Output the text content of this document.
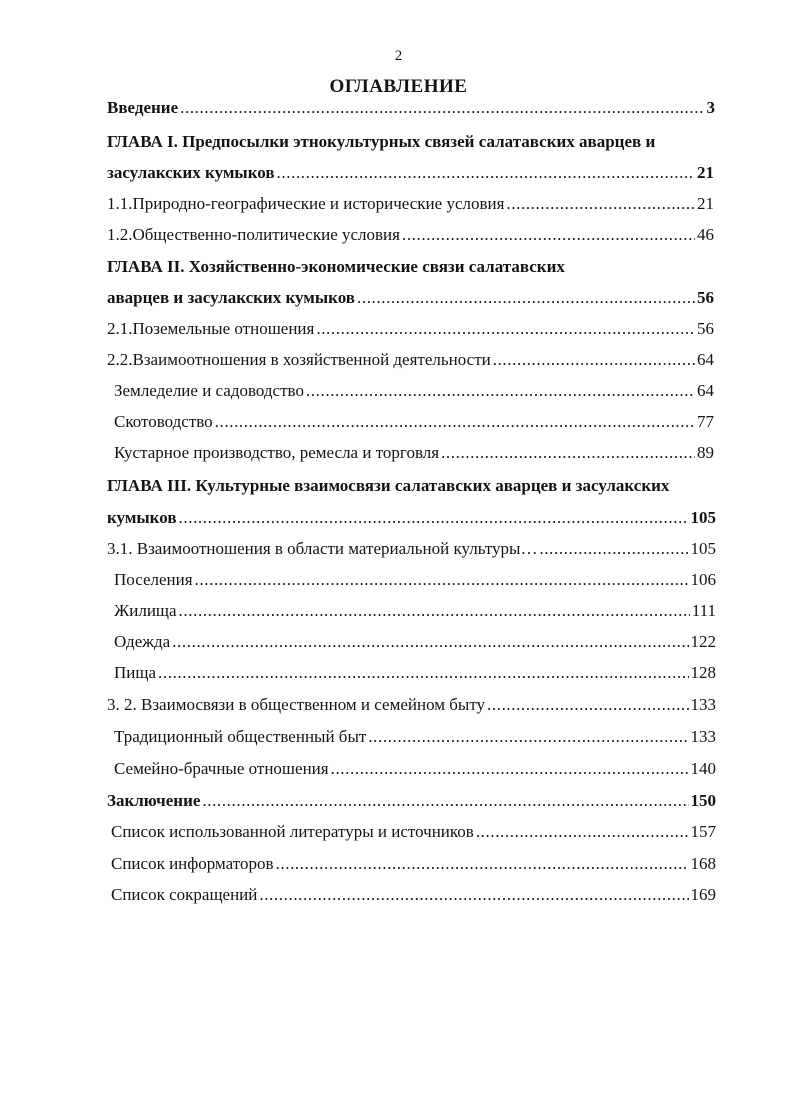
2
ОГЛАВЛЕНИЕ
Введение .....	3
ГЛАВА I. Предпосылки этнокультурных связей салатавских аварцев и
засулакских кумыков .....	21
1.1.Природно-географические и исторические условия .....	21
1.2.Общественно-политические условия .....	46
ГЛАВА II. Хозяйственно-экономические связи салатавских
аварцев и засулакских кумыков .....	56
2.1.Поземельные отношения .....	56
2.2.Взаимоотношения в хозяйственной деятельности .....	64
Земледелие и садоводство .....	64
Скотоводство .....	77
Кустарное производство, ремесла и торговля .....	89
ГЛАВА III. Культурные взаимосвязи салатавских аварцев и засулакских
кумыков .....	105
3.1. Взаимоотношения в области материальной культуры… .....	105
Поселения .....	106
Жилища .....	111
Одежда .....	122
Пища .....	128
3. 2. Взаимосвязи в общественном и семейном быту .....	133
Традиционный общественный быт .....	133
Семейно-брачные отношения .....	140
Заключение .....	150
Список использованной литературы и источников .....	157
Список информаторов .....	168
Список сокращений .....	169
